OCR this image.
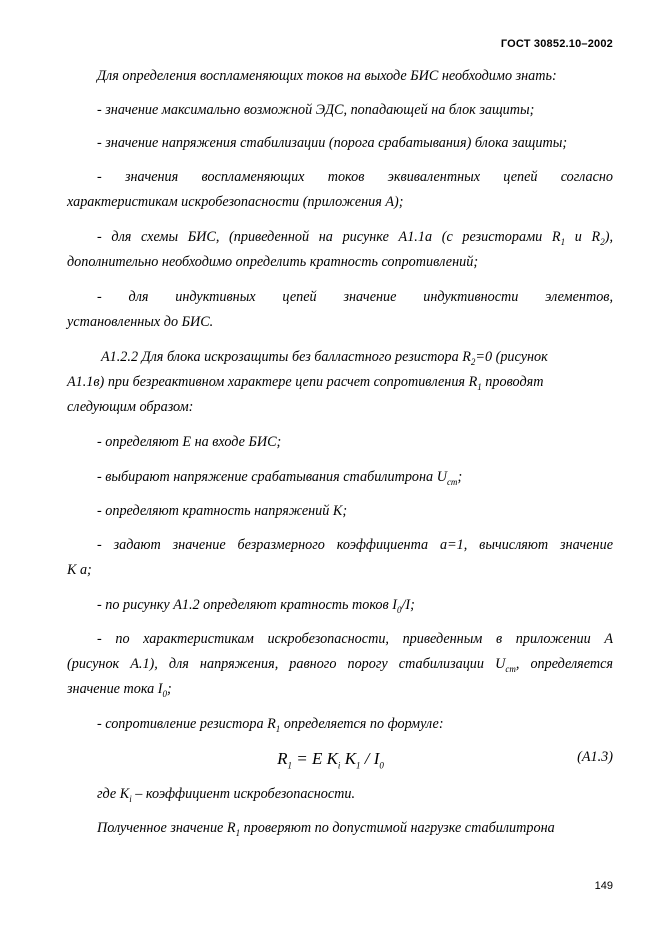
ГОСТ 30852.10–2002
Для определения воспламеняющих токов на выходе БИС необходимо знать:
- значение максимально возможной ЭДС, попадающей на блок защиты;
- значение напряжения стабилизации (порога срабатывания) блока защиты;
- значения воспламеняющих токов эквивалентных цепей согласно
характеристикам искробезопасности (приложения А);
- для схемы БИС, (приведенной на рисунке А1.1а (с резисторами $R_1$ и $R_2$),
дополнительно необходимо определить кратность сопротивлений;
- для индуктивных цепей значение индуктивности элементов,
установленных до БИС.
А1.2.2 Для блока искрозащиты без балластного резистора $R_2=0$ (рисунок
А1.1в) при безреактивном характере цепи расчет сопротивления $R_1$ проводят
следующим образом:
- определяют Е на входе БИС;
- выбирают напряжение срабатывания стабилитрона $U_{ст}$;
- определяют кратность напряжений К;
- задают значение безразмерного коэффициента а=1, вычисляют значение
К а;
- по рисунку А1.2 определяют кратность токов $I_0/I$;
- по характеристикам искробезопасности, приведенным в приложении А
(рисунок А.1), для напряжения, равного порогу стабилизации $U_{ст}$, определяется
значение тока $I_0$;
- сопротивление резистора $R_1$ определяется по формуле:
$R_1 = E$ $K_i$ $K_1 / I_0$
(А1.3)
где $K_i$ – коэффициент искробезопасности.
Полученное значение $R_1$ проверяют по допустимой нагрузке стабилитрона
149
